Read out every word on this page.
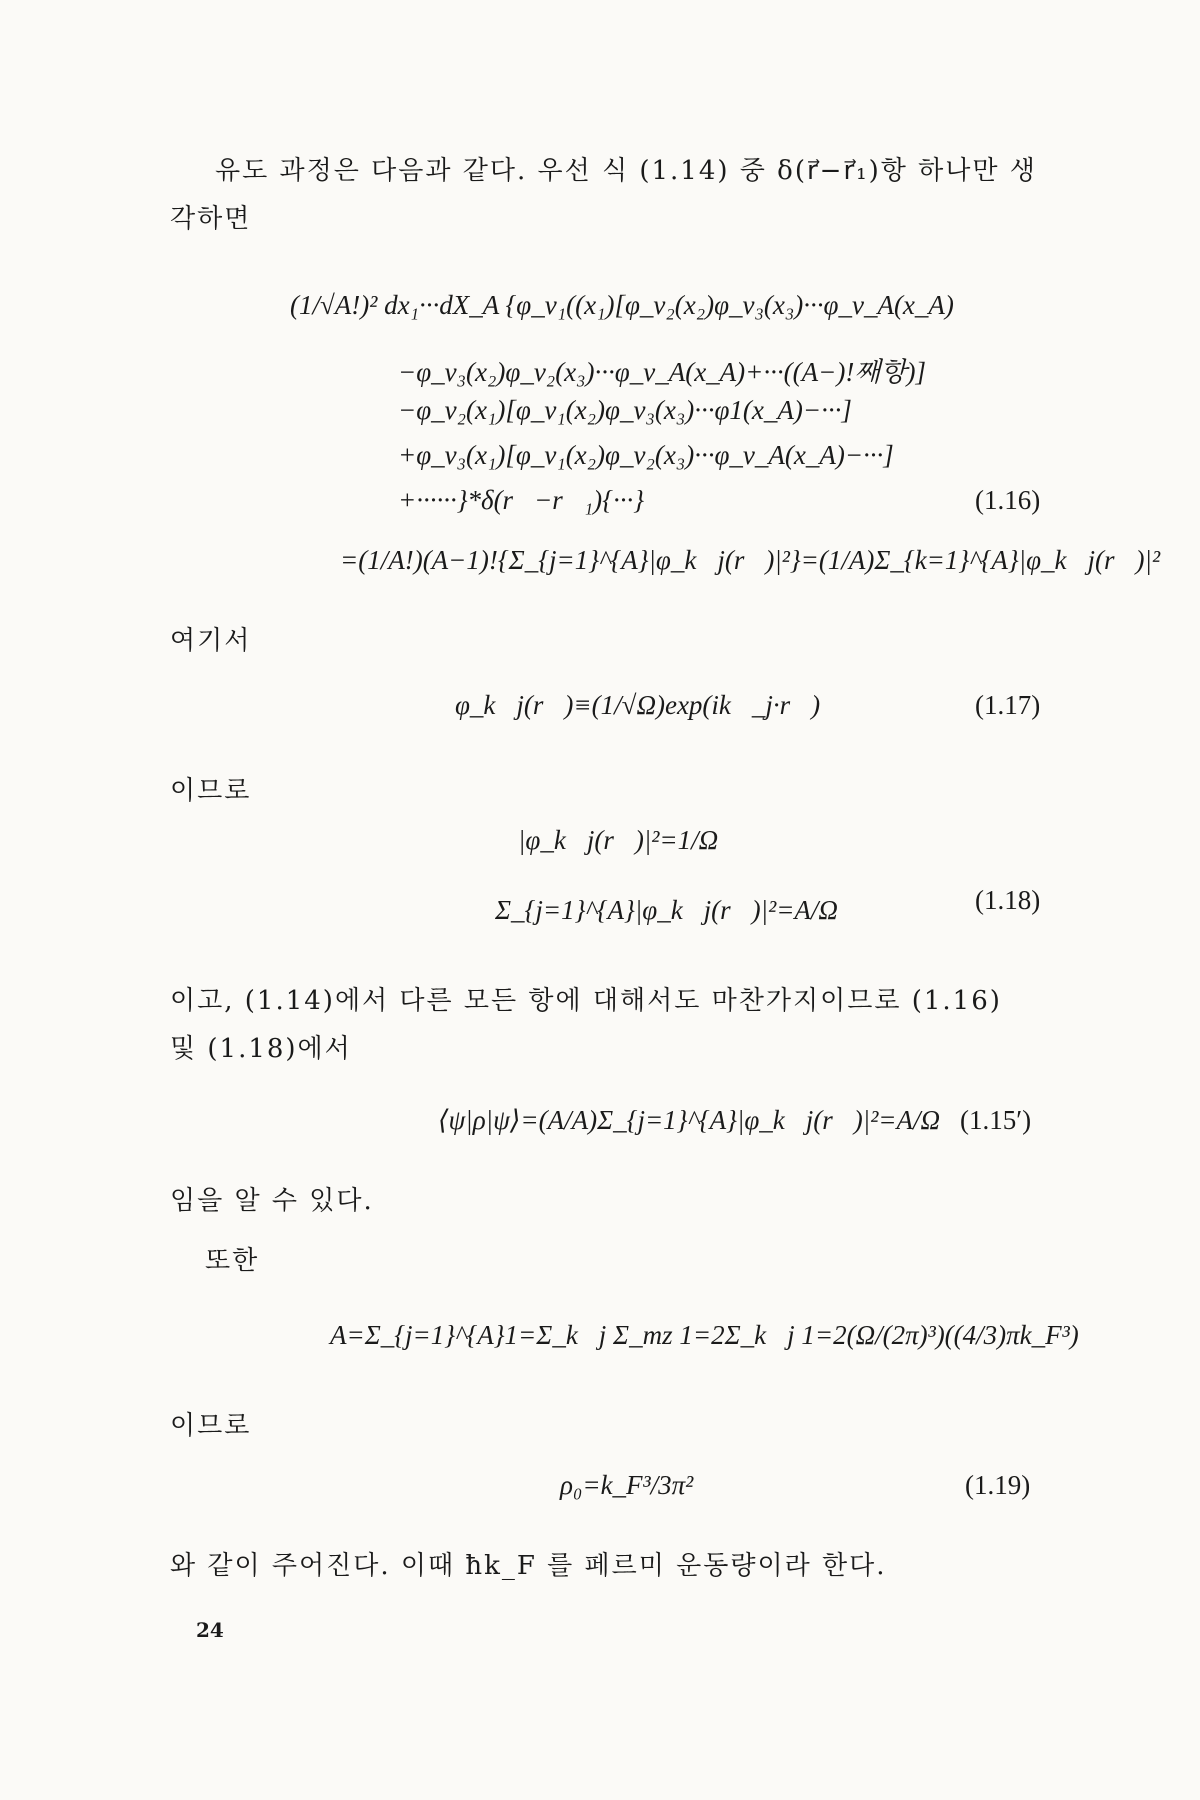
유도 과정은 다음과 같다. 우선 식 (1.14) 중 δ(r⃗−r⃗₁)항 하나만 생
각하면
(1/√A!)² dx₁···dX_A {φ_ν₁((x₁)[φ_ν₂(x₂)φ_ν₃(x₃)···φ_ν_A(x_A)
−φ_ν₃(x₂)φ_ν₂(x₃)···φ_ν_A(x_A)+···((A−)!째항)]
−φ_ν₂(x₁)[φ_ν₁(x₂)φ_ν₃(x₃)···φ1(x_A)−···]
+φ_ν₃(x₁)[φ_ν₁(x₂)φ_ν₂(x₃)···φ_ν_A(x_A)−···]
+······}*δ(r⃗−r⃗₁){···}	(1.16)
=(1/A!)(A−1)!{Σ_{j=1}^{A}|φ_k⃗j(r⃗)|²}=(1/A)Σ_{k=1}^{A}|φ_k⃗j(r⃗)|²
여기서
φ_k⃗j(r⃗)≡(1/√Ω)exp(ik⃗_j·r⃗)	(1.17)
이므로
|φ_k⃗j(r⃗)|²=1/Ω
Σ_{j=1}^{A}|φ_k⃗j(r⃗)|²=A/Ω	(1.18)
이고, (1.14)에서 다른 모든 항에 대해서도 마찬가지이므로 (1.16)
및 (1.18)에서
⟨ψ|ρ|ψ⟩=(A/A)Σ_{j=1}^{A}|φ_k⃗j(r⃗)|²=A/Ω (1.15′)
임을 알 수 있다.
또한
A=Σ_{j=1}^{A}1=Σ_k⃗j Σ_mz 1=2Σ_k⃗j 1=2(Ω/(2π)³)((4/3)πk_F³)
이므로
ρ₀=k_F³/3π²	(1.19)
와 같이 주어진다. 이때 ħk_F 를 페르미 운동량이라 한다.
24
